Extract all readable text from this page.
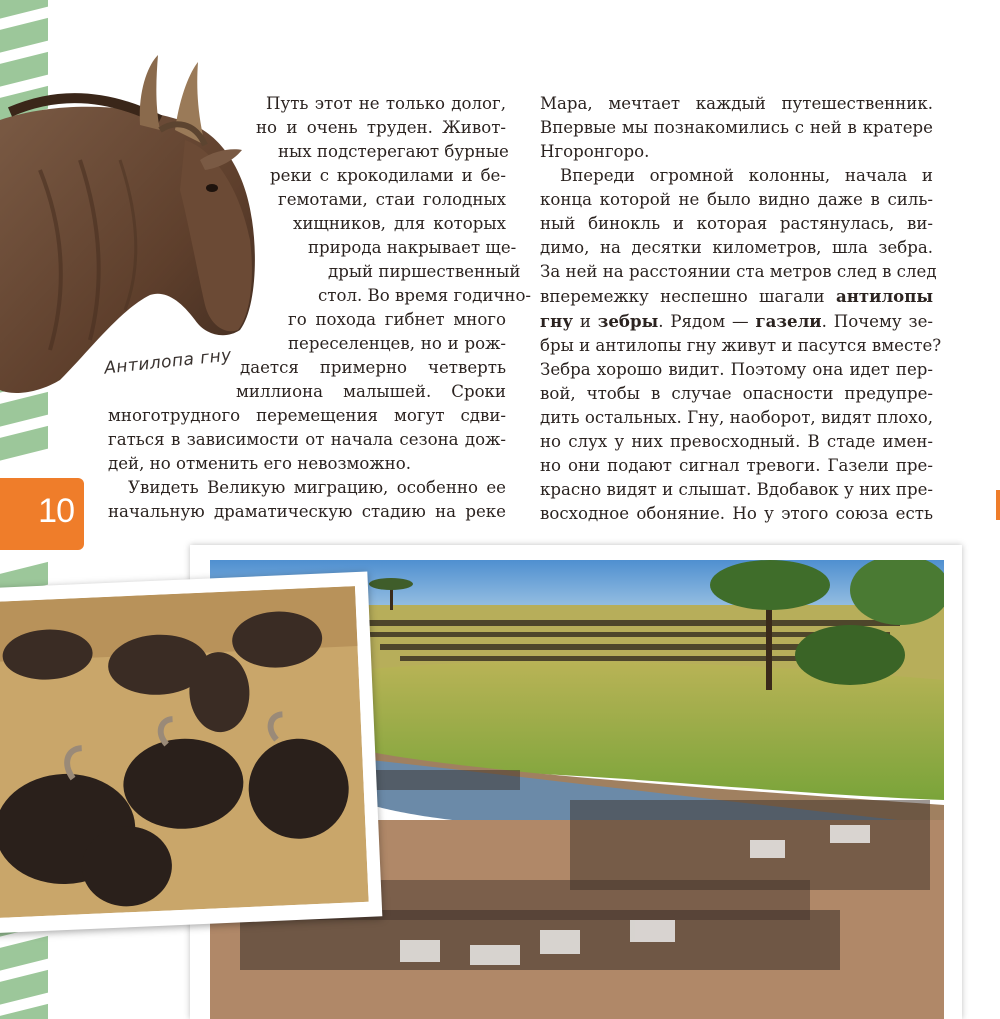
10
Антилопа гну
Путь этот не только долог,
но и очень труден. Живот-
ных подстерегают бурные
реки с крокодилами и бе-
гемотами, стаи голодных
хищников, для которых
природа накрывает ще-
дрый пиршественный
стол. Во время годично-
го похода гибнет много
переселенцев, но и рож-
дается примерно четверть
миллиона малышей. Сроки
многотрудного перемещения могут сдви-
гаться в зависимости от начала сезона дож-
дей, но отменить его невозможно.
Увидеть Великую миграцию, особенно ее
начальную драматическую стадию на реке
Мара, мечтает каждый путешественник.
Впервые мы познакомились с ней в кратере
Нгоронгоро.
Впереди огромной колонны, начала и
конца которой не было видно даже в силь-
ный бинокль и которая растянулась, ви-
димо, на десятки километров, шла зебра.
За ней на расстоянии ста метров след в след
вперемежку неспешно шагали антилопы
гну и зебры. Рядом — газели. Почему зе-
бры и антилопы гну живут и пасутся вместе?
Зебра хорошо видит. Поэтому она идет пер-
вой, чтобы в случае опасности предупре-
дить остальных. Гну, наоборот, видят плохо,
но слух у них превосходный. В стаде имен-
но они подают сигнал тревоги. Газели пре-
красно видят и слышат. Вдобавок у них пре-
восходное обоняние. Но у этого союза есть
